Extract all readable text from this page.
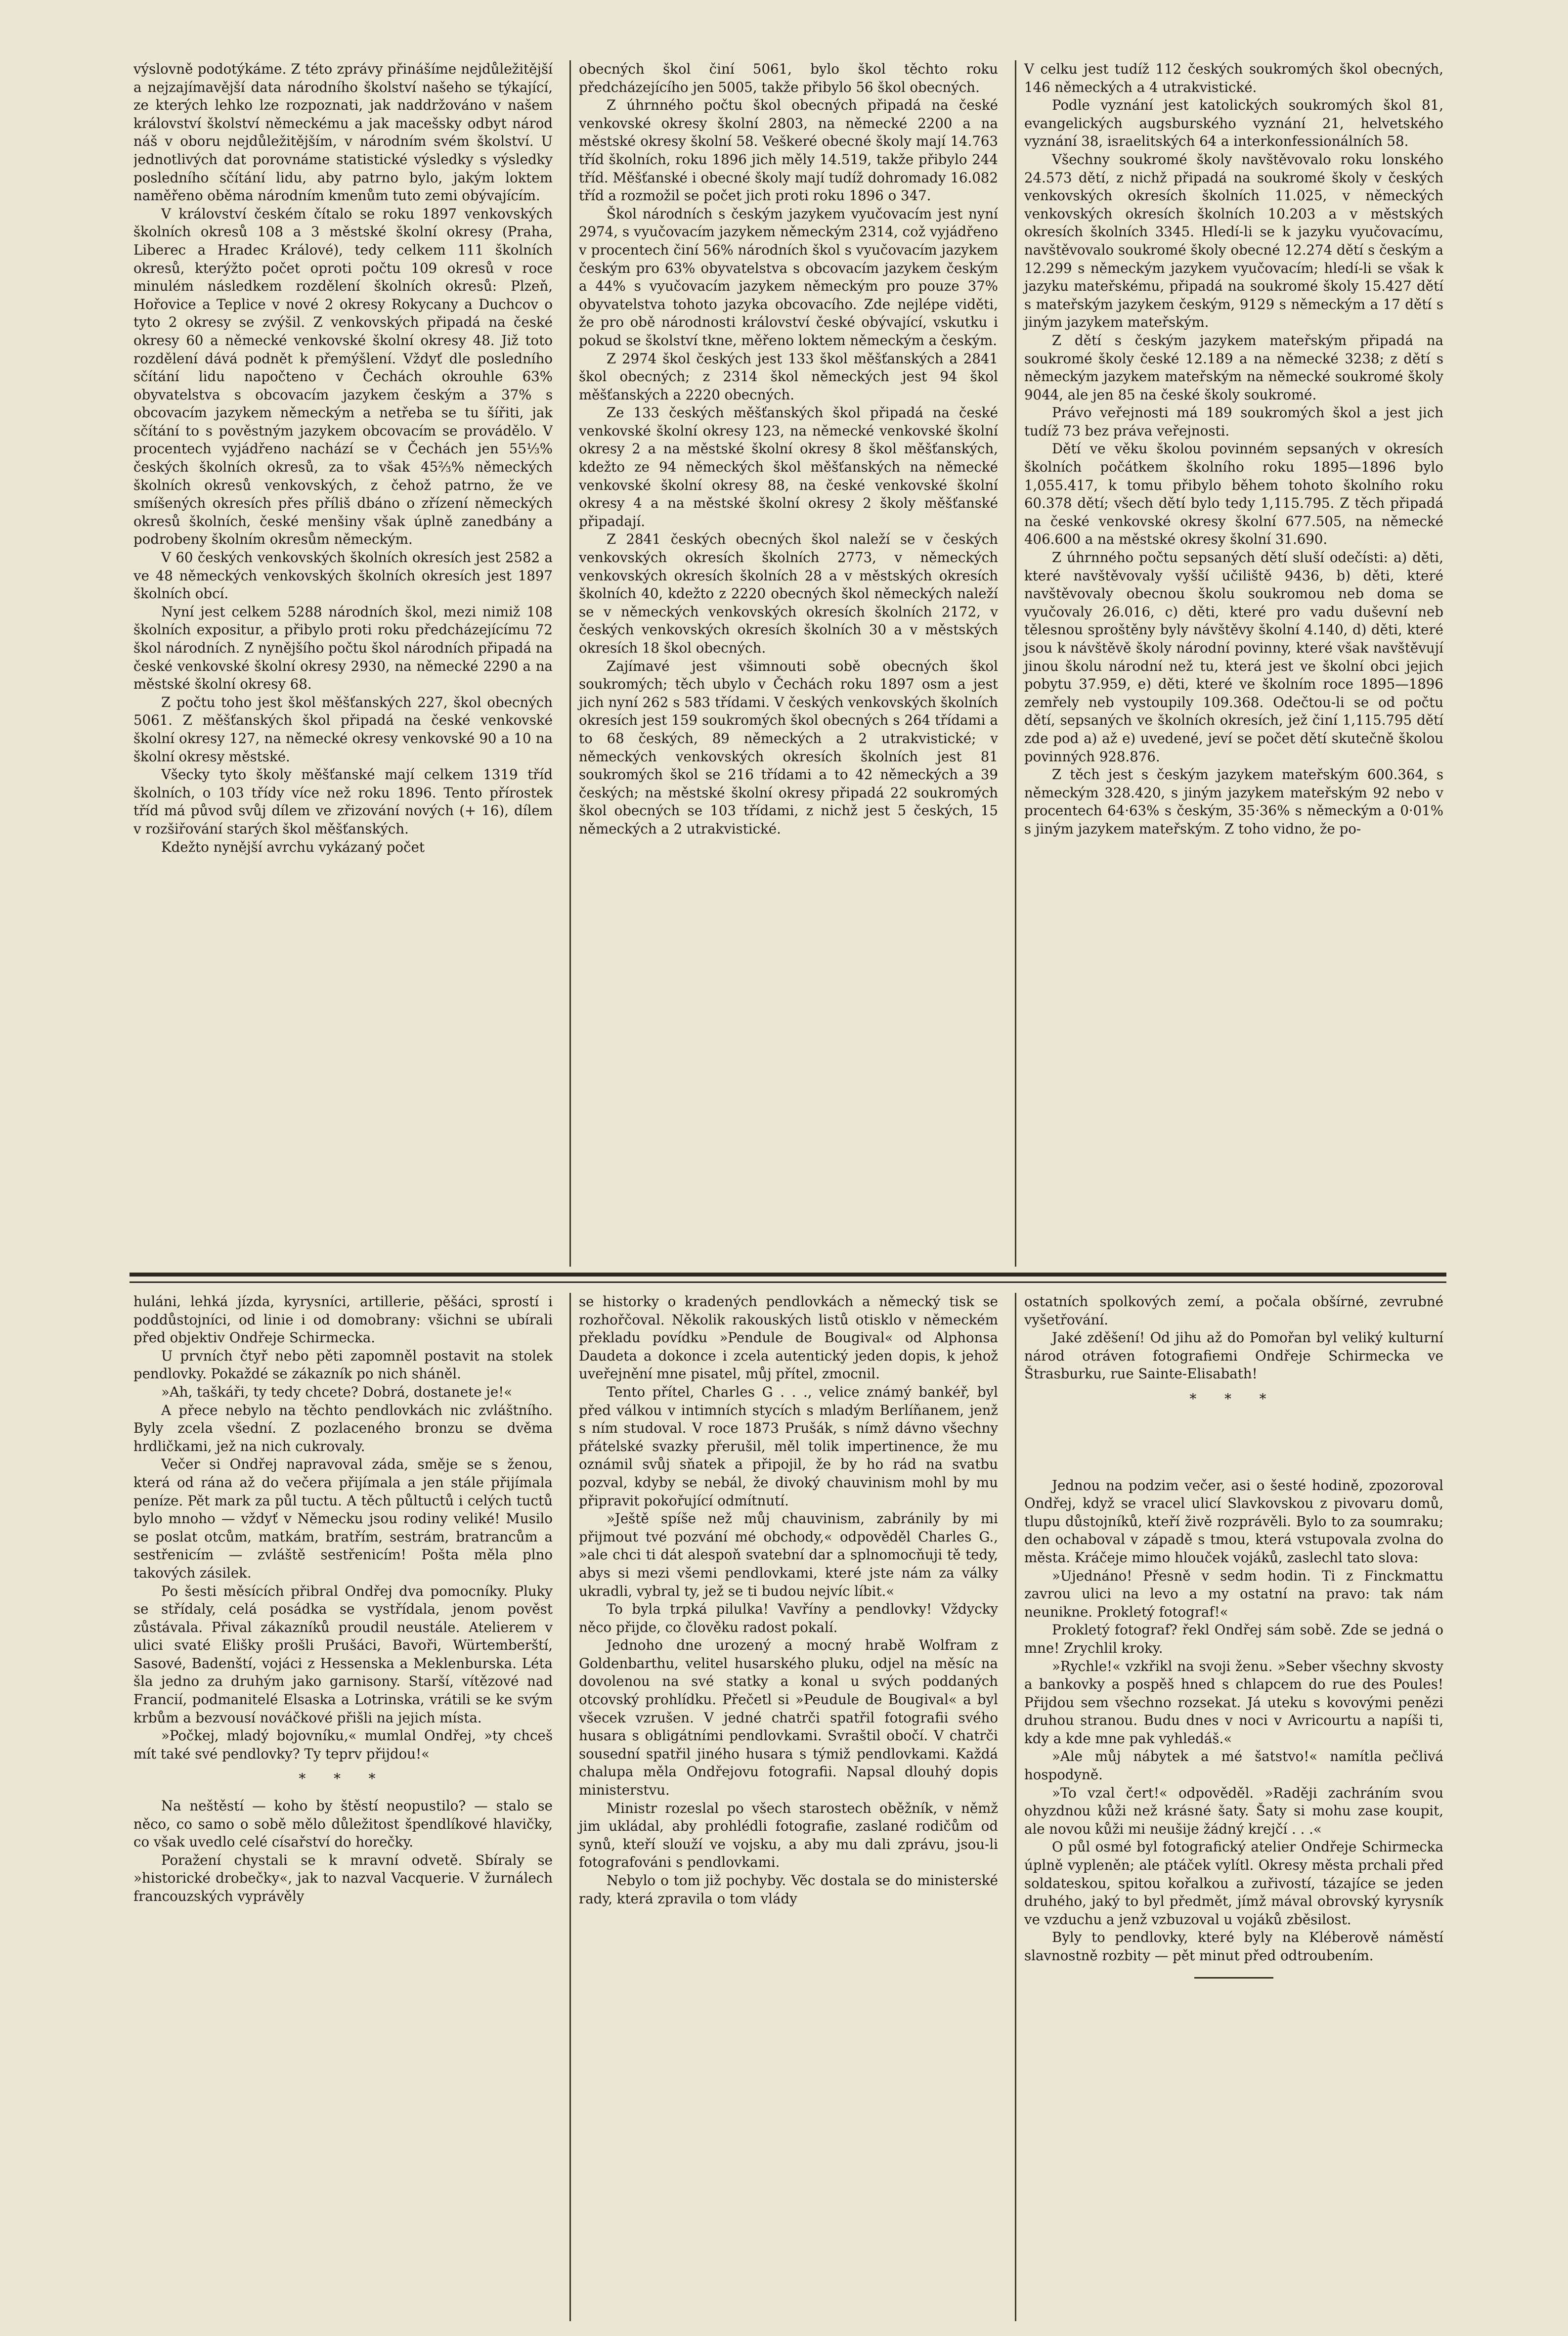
výslovně podotýkáme. Z této zprávy přinášíme nejdůležitější a nejzajímavější data národního školství našeho se týkající, ze kterých lehko lze rozpoznati, jak naddržováno v našem království školství německému a jak macešsky odbyt národ náš v oboru nejdůležitějším, v národním svém školství. U jednotlivých dat porovnáme statistické výsledky s výsledky posledního sčítání lidu, aby patrno bylo, jakým loktem naměřeno oběma národním kmenům tuto zemi obývajícím.

V království českém čítalo se roku 1897 venkovských školních okresů 108 a 3 městské školní okresy (Praha, Liberec a Hradec Králové), tedy celkem 111 školních okresů, kterýžto počet oproti počtu 109 okresů v roce minulém následkem rozdělení školních okresů: Plzeň, Hořovice a Teplice v nové 2 okresy Rokycany a Duchcov o tyto 2 okresy se zvýšil. Z venkovských připadá na české okresy 60 a německé venkovské školní okresy 48. Již toto rozdělení dává podnět k přemýšlení. Vždyť dle posledního sčítání lidu napočteno v Čechách okrouhle 63% obyvatelstva s obcovacím jazykem českým a 37% s obcovacím jazykem německým a netřeba se tu šířiti, jak sčítání to s pověstným jazykem obcovacím se provádělo. V procentech vyjádřeno nachází se v Čechách jen 55⅓% českých školních okresů, za to však 45⅔% německých školních okresů venkovských, z čehož patrno, že ve smíšených okresích přes příliš dbáno o zřízení německých okresů školních, české menšiny však úplně zanedbány a podrobeny školním okresům německým.

V 60 českých venkovských školních okresích jest 2582 a ve 48 německých venkovských školních okresích jest 1897 školních obcí.

Nyní jest celkem 5288 národních škol, mezi nimiž 108 školních expositur, a přibylo proti roku předcházejícímu 72 škol národních. Z nynějšího počtu škol národních připadá na české venkovské školní okresy 2930, na německé 2290 a na městské školní okresy 68.

Z počtu toho jest škol měšťanských 227, škol obecných 5061. Z měšťanských škol připadá na české venkovské školní okresy 127, na německé okresy venkovské 90 a 10 na školní okresy městské.

Všecky tyto školy měšťanské mají celkem 1319 tříd školních, o 103 třídy více než roku 1896. Tento přírostek tříd má původ svůj dílem ve zřizování nových (+ 16), dílem v rozšiřování starých škol měšťanských.

Kdežto nynější avrchu vykázaný počet

obecných škol činí 5061, bylo škol těchto roku předcházejícího jen 5005, takže přibylo 56 škol obecných.

Z úhrnného počtu škol obecných připadá na české venkovské okresy školní 2803, na německé 2200 a na městské okresy školní 58. Veškeré obecné školy mají 14.763 tříd školních, roku 1896 jich měly 14.519, takže přibylo 244 tříd. Měšťanské i obecné školy mají tudíž dohromady 16.082 tříd a rozmožil se počet jich proti roku 1896 o 347.

Škol národních s českým jazykem vyučovacím jest nyní 2974, s vyučovacím jazykem německým 2314, což vyjádřeno v procentech činí 56% národních škol s vyučovacím jazykem českým pro 63% obyvatelstva s obcovacím jazykem českým a 44% s vyučovacím jazykem německým pro pouze 37% obyvatelstva tohoto jazyka obcovacího. Zde nejlépe viděti, že pro obě národnosti království české obývající, vskutku i pokud se školství tkne, měřeno loktem německým a českým.

Z 2974 škol českých jest 133 škol měšťanských a 2841 škol obecných; z 2314 škol německých jest 94 škol měšťanských a 2220 obecných.

Ze 133 českých měšťanských škol připadá na české venkovské školní okresy 123, na německé venkovské školní okresy 2 a na městské školní okresy 8 škol měšťanských, kdežto ze 94 německých škol měšťanských na německé venkovské školní okresy 88, na české venkovské školní okresy 4 a na městské školní okresy 2 školy měšťanské připadají.

Z 2841 českých obecných škol naleží se v českých venkovských okresích školních 2773, v německých venkovských okresích školních 28 a v městských okresích školních 40, kdežto z 2220 obecných škol německých naleží se v německých venkovských okresích školních 2172, v českých venkovských okresích školních 30 a v městských okresích 18 škol obecných.

Zajímavé jest všimnouti sobě obecných škol soukromých; těch ubylo v Čechách roku 1897 osm a jest jich nyní 262 s 583 třídami. V českých venkovských školních okresích jest 159 soukromých škol obecných s 264 třídami a to 68 českých, 89 německých a 2 utrakvistické; v německých venkovských okresích školních jest 81 soukromých škol se 216 třídami a to 42 německých a 39 českých; na městské školní okresy připadá 22 soukromých škol obecných se 103 třídami, z nichž jest 5 českých, 15 německých a 2 utrakvistické.

V celku jest tudíž 112 českých soukromých škol obecných, 146 německých a 4 utrakvistické.

Podle vyznání jest katolických soukromých škol 81, evangelických augsburského vyznání 21, helvetského vyznání 38, israelitských 64 a interkonfessionálních 58.

Všechny soukromé školy navštěvovalo roku lonského 24.573 dětí, z nichž připadá na soukromé školy v českých venkovských okresích školních 11.025, v německých venkovských okresích školních 10.203 a v městských okresích školních 3345. Hledí-li se k jazyku vyučovacímu, navštěvovalo soukromé školy obecné 12.274 dětí s českým a 12.299 s německým jazykem vyučovacím; hledí-li se však k jazyku mateřskému, připadá na soukromé školy 15.427 dětí s mateřským jazykem českým, 9129 s německým a 17 dětí s jiným jazykem mateřským.

Z dětí s českým jazykem mateřským připadá na soukromé školy české 12.189 a na německé 3238; z dětí s německým jazykem mateřským na německé soukromé školy 9044, ale jen 85 na české školy soukromé.

Právo veřejnosti má 189 soukromých škol a jest jich tudíž 73 bez práva veřejnosti.

Dětí ve věku školou povinném sepsaných v okresích školních počátkem školního roku 1895—1896 bylo 1,055.417, k tomu přibylo během tohoto školního roku 60.378 dětí; všech dětí bylo tedy 1,115.795. Z těch připadá na české venkovské okresy školní 677.505, na německé 406.600 a na městské okresy školní 31.690.

Z úhrnného počtu sepsaných dětí sluší odečísti: a) děti, které navštěvovaly vyšší učiliště 9436, b) děti, které navštěvovaly obecnou školu soukromou neb doma se vyučovaly 26.016, c) děti, které pro vadu duševní neb tělesnou sproštěny byly návštěvy školní 4.140, d) děti, které jsou k návštěvě školy národní povinny, které však navštěvují jinou školu národní než tu, která jest ve školní obci jejich pobytu 37.959, e) děti, které ve školním roce 1895—1896 zemřely neb vystoupily 109.368. Odečtou-li se od počtu dětí, sepsaných ve školních okresích, jež činí 1,115.795 dětí zde pod a) až e) uvedené, jeví se počet dětí skutečně školou povinných 928.876.

Z těch jest s českým jazykem mateřským 600.364, s německým 328.420, s jiným jazykem mateřským 92 nebo v procentech 64·63% s českým, 35·36% s německým a 0·01% s jiným jazykem mateřským. Z toho vidno, že po-

huláni, lehká jízda, kyrysníci, artillerie, pěšáci, sprostí i poddůstojníci, od linie i od domobrany: všichni se ubírali před objektiv Ondřeje Schirmecka.

U prvních čtyř nebo pěti zapomněl postavit na stolek pendlovky. Pokaždé se zákazník po nich sháněl.

»Ah, taškáři, ty tedy chcete? Dobrá, dostanete je!«

A přece nebylo na těchto pendlovkách nic zvláštního. Byly zcela všední. Z pozlaceného bronzu se dvěma hrdličkami, jež na nich cukrovaly.

Večer si Ondřej napravoval záda, směje se s ženou, která od rána až do večera přijímala a jen stále přijímala peníze. Pět mark za půl tuctu. A těch půltuctů i celých tuctů bylo mnoho — vždyť v Německu jsou rodiny veliké! Musilo se poslat otcům, matkám, bratřím, sestrám, bratrancům a sestřenicím — zvláště sestřenicím! Pošta měla plno takových zásilek.

Po šesti měsících přibral Ondřej dva pomocníky. Pluky se střídaly, celá posádka se vystřídala, jenom pověst zůstávala. Přival zákazníků proudil neustále. Atelierem v ulici svaté Elišky prošli Prušáci, Bavoři, Würtemberští, Sasové, Badenští, vojáci z Hessenska a Meklenburska. Léta šla jedno za druhým jako garnisony. Starší, vítězové nad Francií, podmanitelé Elsaska a Lotrinska, vrátili se ke svým krbům a bezvousí nováčkové přišli na jejich místa.

»Počkej, mladý bojovníku,« mumlal Ondřej, »ty chceš mít také své pendlovky? Ty teprv přijdou!«

* * *

Na neštěstí — koho by štěstí neopustilo? — stalo se něco, co samo o sobě mělo důležitost špendlíkové hlavičky, co však uvedlo celé císařství do horečky.

Poražení chystali se k mravní odvetě. Sbíraly se »historické drobečky«, jak to nazval Vacquerie. V žurnálech francouzských vyprávěly

se historky o kradených pendlovkách a německý tisk se rozhořčoval. Několik rakouských listů otisklo v německém překladu povídku »Pendule de Bougival« od Alphonsa Daudeta a dokonce i zcela autentický jeden dopis, k jehož uveřejnění mne pisatel, můj přítel, zmocnil.

Tento přítel, Charles G . . ., velice známý bankéř, byl před válkou v intimních stycích s mladým Berlíňanem, jenž s ním studoval. V roce 1873 Prušák, s nímž dávno všechny přátelské svazky přerušil, měl tolik impertinence, že mu oznámil svůj sňatek a připojil, že by ho rád na svatbu pozval, kdyby se nebál, že divoký chauvinism mohl by mu připravit pokořující odmítnutí.

»Ještě spíše než můj chauvinism, zabránily by mi přijmout tvé pozvání mé obchody,« odpověděl Charles G., »ale chci ti dát alespoň svatební dar a splnomocňuji tě tedy, abys si mezi všemi pendlovkami, které jste nám za války ukradli, vybral ty, jež se ti budou nejvíc líbit.«

To byla trpká pilulka! Vavříny a pendlovky! Vždycky něco přijde, co člověku radost pokalí.

Jednoho dne urozený a mocný hrabě Wolfram z Goldenbarthu, velitel husarského pluku, odjel na měsíc na dovolenou na své statky a konal u svých poddaných otcovský prohlídku. Přečetl si »Peudule de Bougival« a byl všecek vzrušen. V jedné chatrči spatřil fotografii svého husara s obligátními pendlovkami. Svraštil obočí. V chatrči sousední spatřil jiného husara s týmiž pendlovkami. Každá chalupa měla Ondřejovu fotografii. Napsal dlouhý dopis ministerstvu.

Ministr rozeslal po všech starostech oběžník, v němž jim ukládal, aby prohlédli fotografie, zaslané rodičům od synů, kteří slouží ve vojsku, a aby mu dali zprávu, jsou-li fotografováni s pendlovkami.

Nebylo o tom již pochyby. Věc dostala se do ministerské rady, která zpravila o tom vlády

ostatních spolkových zemí, a počala obšírné, zevrubné vyšetřování.

Jaké zděšení! Od jihu až do Pomořan byl veliký kulturní národ otráven fotografiemi Ondřeje Schirmecka ve Štrasburku, rue Sainte-Elisabath!

* * *

Jednou na podzim večer, asi o šesté hodině, zpozoroval Ondřej, když se vracel ulicí Slavkovskou z pivovaru domů, tlupu důstojníků, kteří živě rozprávěli. Bylo to za soumraku; den ochaboval v západě s tmou, která vstupovala zvolna do města. Kráčeje mimo hlouček vojáků, zaslechl tato slova:

»Ujednáno! Přesně v sedm hodin. Ti z Finckmattu zavrou ulici na levo a my ostatní na pravo: tak nám neunikne. Prokletý fotograf!«

Prokletý fotograf? řekl Ondřej sám sobě. Zde se jedná o mne! Zrychlil kroky.

»Rychle!« vzkřikl na svoji ženu. »Seber všechny skvosty a bankovky a pospěš hned s chlapcem do rue des Poules! Přijdou sem všechno rozsekat. Já uteku s kovovými penězi druhou stranou. Budu dnes v noci v Avricourtu a napíši ti, kdy a kde mne pak vyhledáš.«

»Ale můj nábytek a mé šatstvo!« namítla pečlivá hospodyně.

»To vzal čert!« odpověděl. »Raději zachráním svou ohyzdnou kůži než krásné šaty. Šaty si mohu zase koupit, ale novou kůži mi neušije žádný krejčí . . .«

O půl osmé byl fotografický atelier Ondřeje Schirmecka úplně vypleněn; ale ptáček vylítl. Okresy města prchali před soldateskou, spitou kořalkou a zuřivostí, tázajíce se jeden druhého, jaký to byl předmět, jímž mával obrovský kyrysník ve vzduchu a jenž vzbuzoval u vojáků zběsilost.

Byly to pendlovky, které byly na Kléberově náměstí slavnostně rozbity — pět minut před odtroubením.
